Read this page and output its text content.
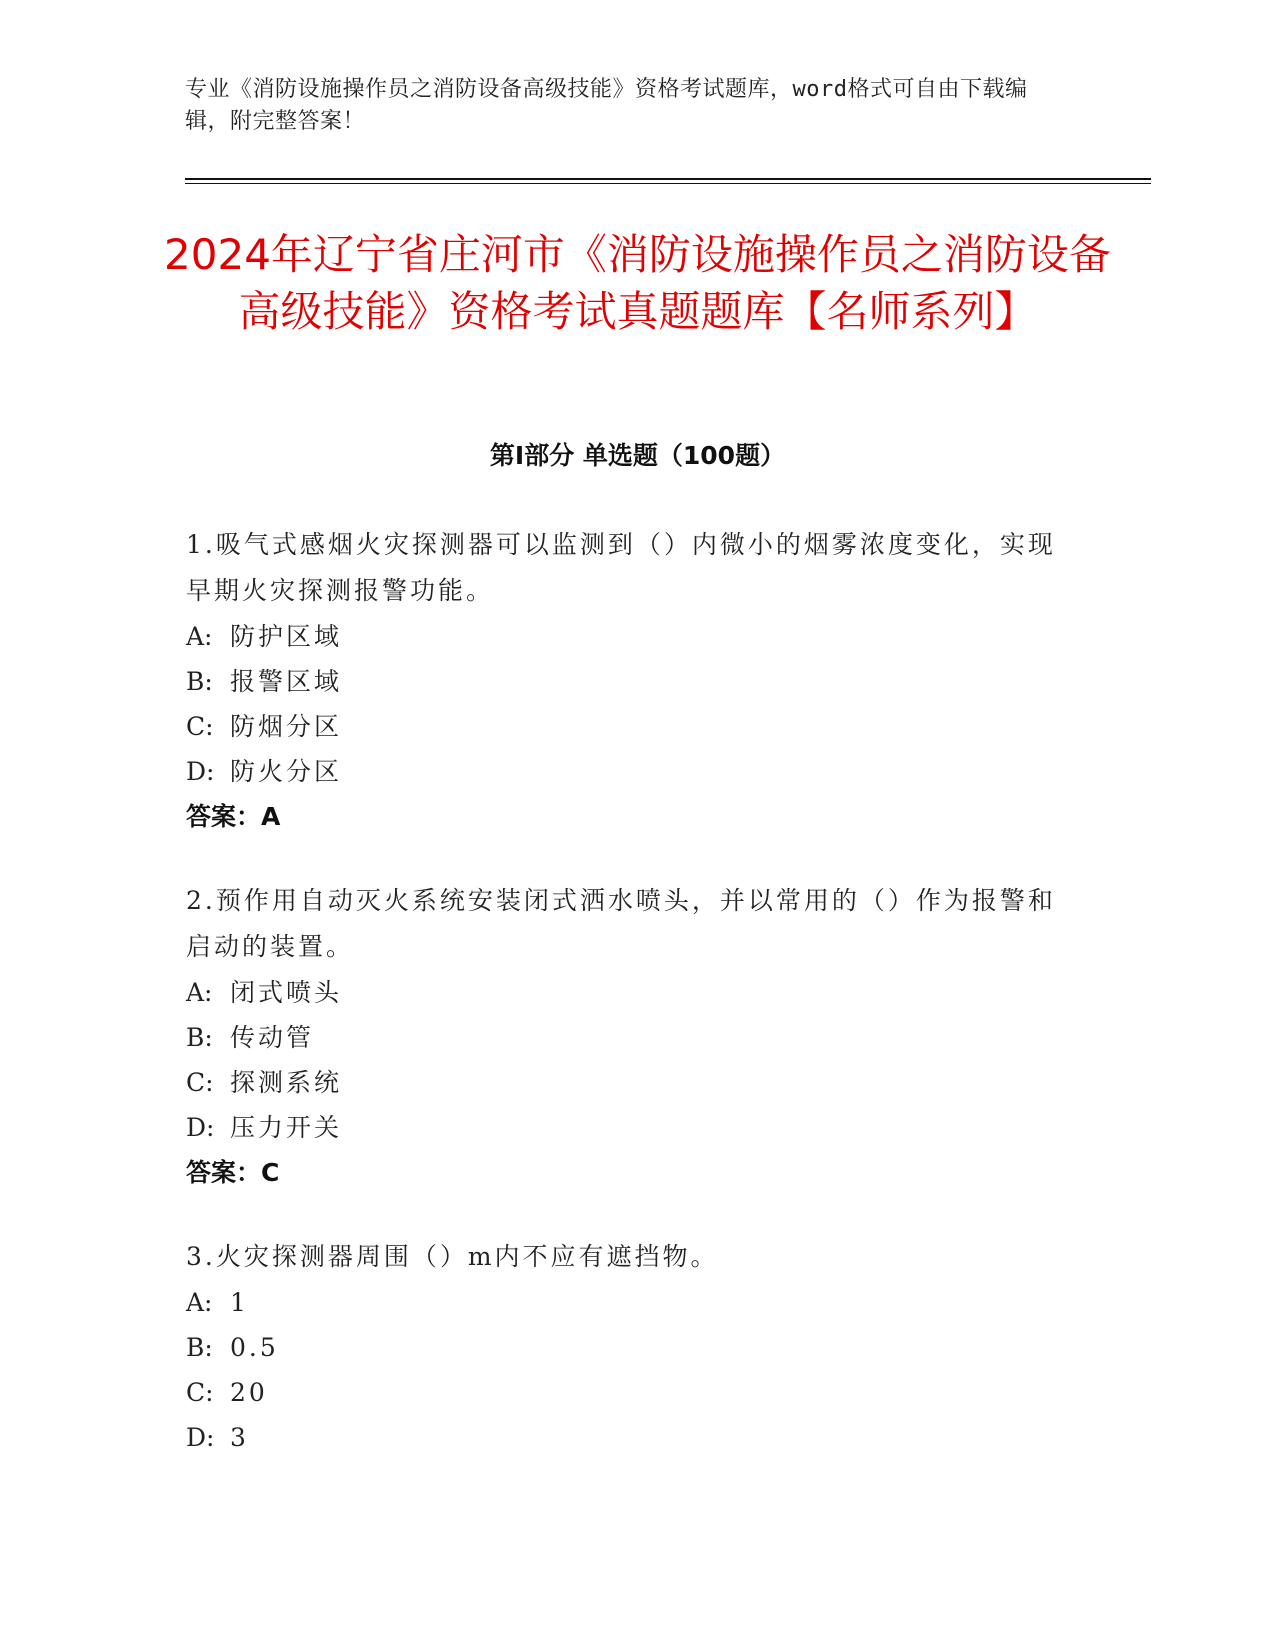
专业《消防设施操作员之消防设备高级技能》资格考试题库，word格式可自由下载编辑，附完整答案！
2024年辽宁省庄河市《消防设施操作员之消防设备高级技能》资格考试真题题库【名师系列】
第Ⅰ部分 单选题（100题）
1.吸气式感烟火灾探测器可以监测到（）内微小的烟雾浓度变化，实现早期火灾探测报警功能。
A: 防护区域
B: 报警区域
C: 防烟分区
D: 防火分区
答案：A
2.预作用自动灭火系统安装闭式洒水喷头，并以常用的（）作为报警和启动的装置。
A: 闭式喷头
B: 传动管
C: 探测系统
D: 压力开关
答案：C
3.火灾探测器周围（）m内不应有遮挡物。
A: 1
B: 0.5
C: 20
D: 3
